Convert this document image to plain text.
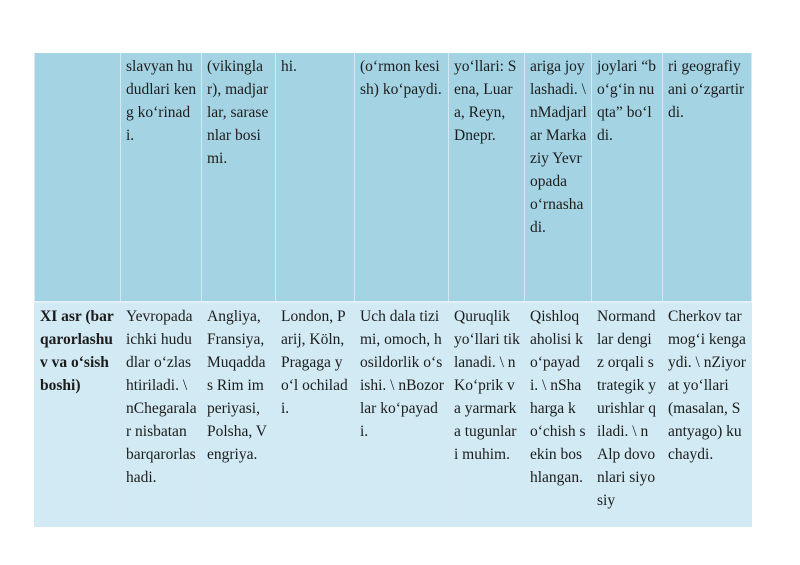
	slavyan hududlari keng ko‘rinadi.	(vikinglar), madjarlar, sarasenlar bosimi.	hi.	(o‘rmon kesish) ko‘paydi.	yo‘llari: Sena, Luara, Reyn, Dnepr.	ariga joylashadi. \ nMadjarlar Markaziy Yevropada o‘rnashadi.	joylari “bo‘g‘in nuqta” bo‘ldi.	ri geografiyani o‘zgartirdi.
XI asr (barqarorlashuv va o‘sish boshi)	Yevropada ichki hududlar o‘zlashtiriladi. \ nChegaralar nisbatan barqarorlashadi.	Angliya, Fransiya, Muqaddas Rim imperiyasi, Polsha, Vengriya.	London, Parij, Köln, Pragaga yo‘l ochiladi.	Uch dala tizimi, omoch, hosildorlik o‘sishi. \ nBozorlar ko‘payadi.	Quruqlik yo‘llari tiklanadi. \ nKo‘prik va yarmarka tugunlari muhim.	Qishloq aholisi ko‘payadi. \ nShaharga ko‘chish sekin boshlangan.	Normandlar dengiz orqali strategik yurishlar qiladi. \ nAlp dovonlari siyosiy	Cherkov tarmog‘i kengaydi. \ nZiyorat yo‘llari (masalan, Santyago) kuchaydi.
